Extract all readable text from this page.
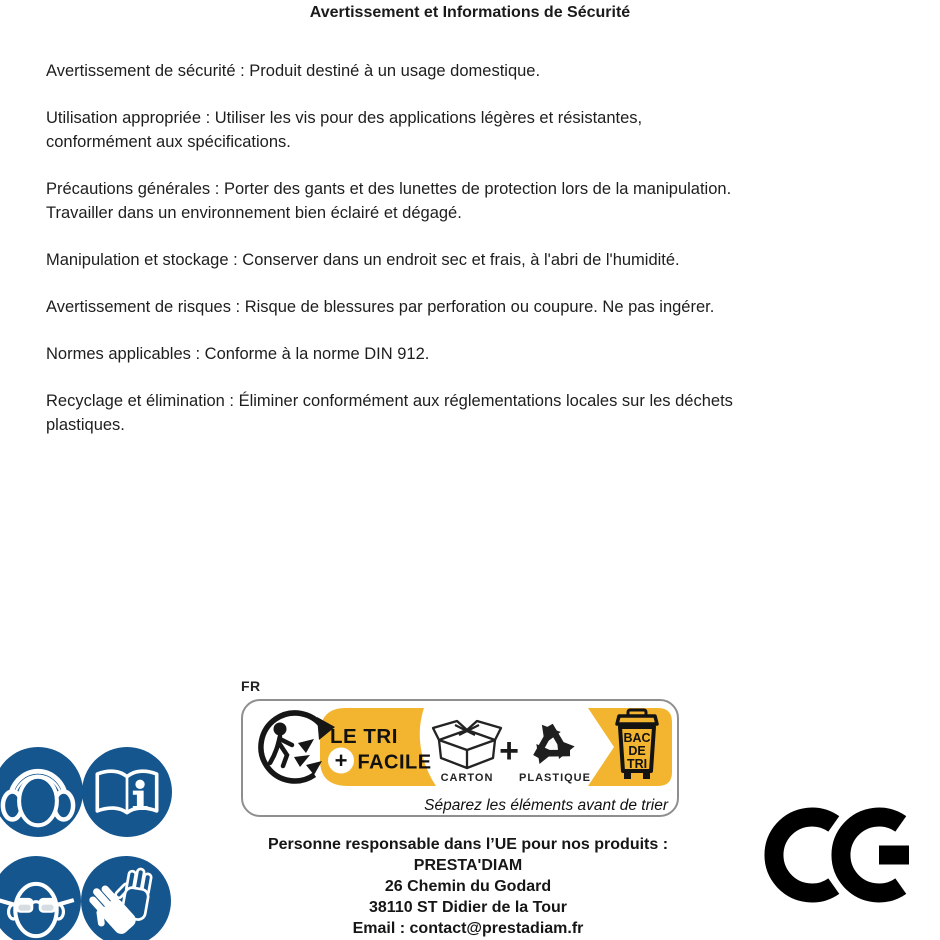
Avertissement et Informations de Sécurité

Avertissement de sécurité : Produit destiné à un usage domestique.

Utilisation appropriée : Utiliser les vis pour des applications légères et résistantes,
conformément aux spécifications.

Précautions générales : Porter des gants et des lunettes de protection lors de la manipulation.
Travailler dans un environnement bien éclairé et dégagé.

Manipulation et stockage : Conserver dans un endroit sec et frais, à l'abri de l'humidité.

Avertissement de risques : Risque de blessures par perforation ou coupure. Ne pas ingérer.

Normes applicables : Conforme à la norme DIN 912.

Recyclage et élimination : Éliminer conformément aux réglementations locales sur les déchets
plastiques.

FR
LE TRI
+ FACILE
CARTON
+
PLASTIQUE
BAC
DE
TRI
Séparez les éléments avant de trier
Personne responsable dans l’UE pour nos produits :
PRESTA'DIAM
26 Chemin du Godard
38110 ST Didier de la Tour
Email : contact@prestadiam.fr
